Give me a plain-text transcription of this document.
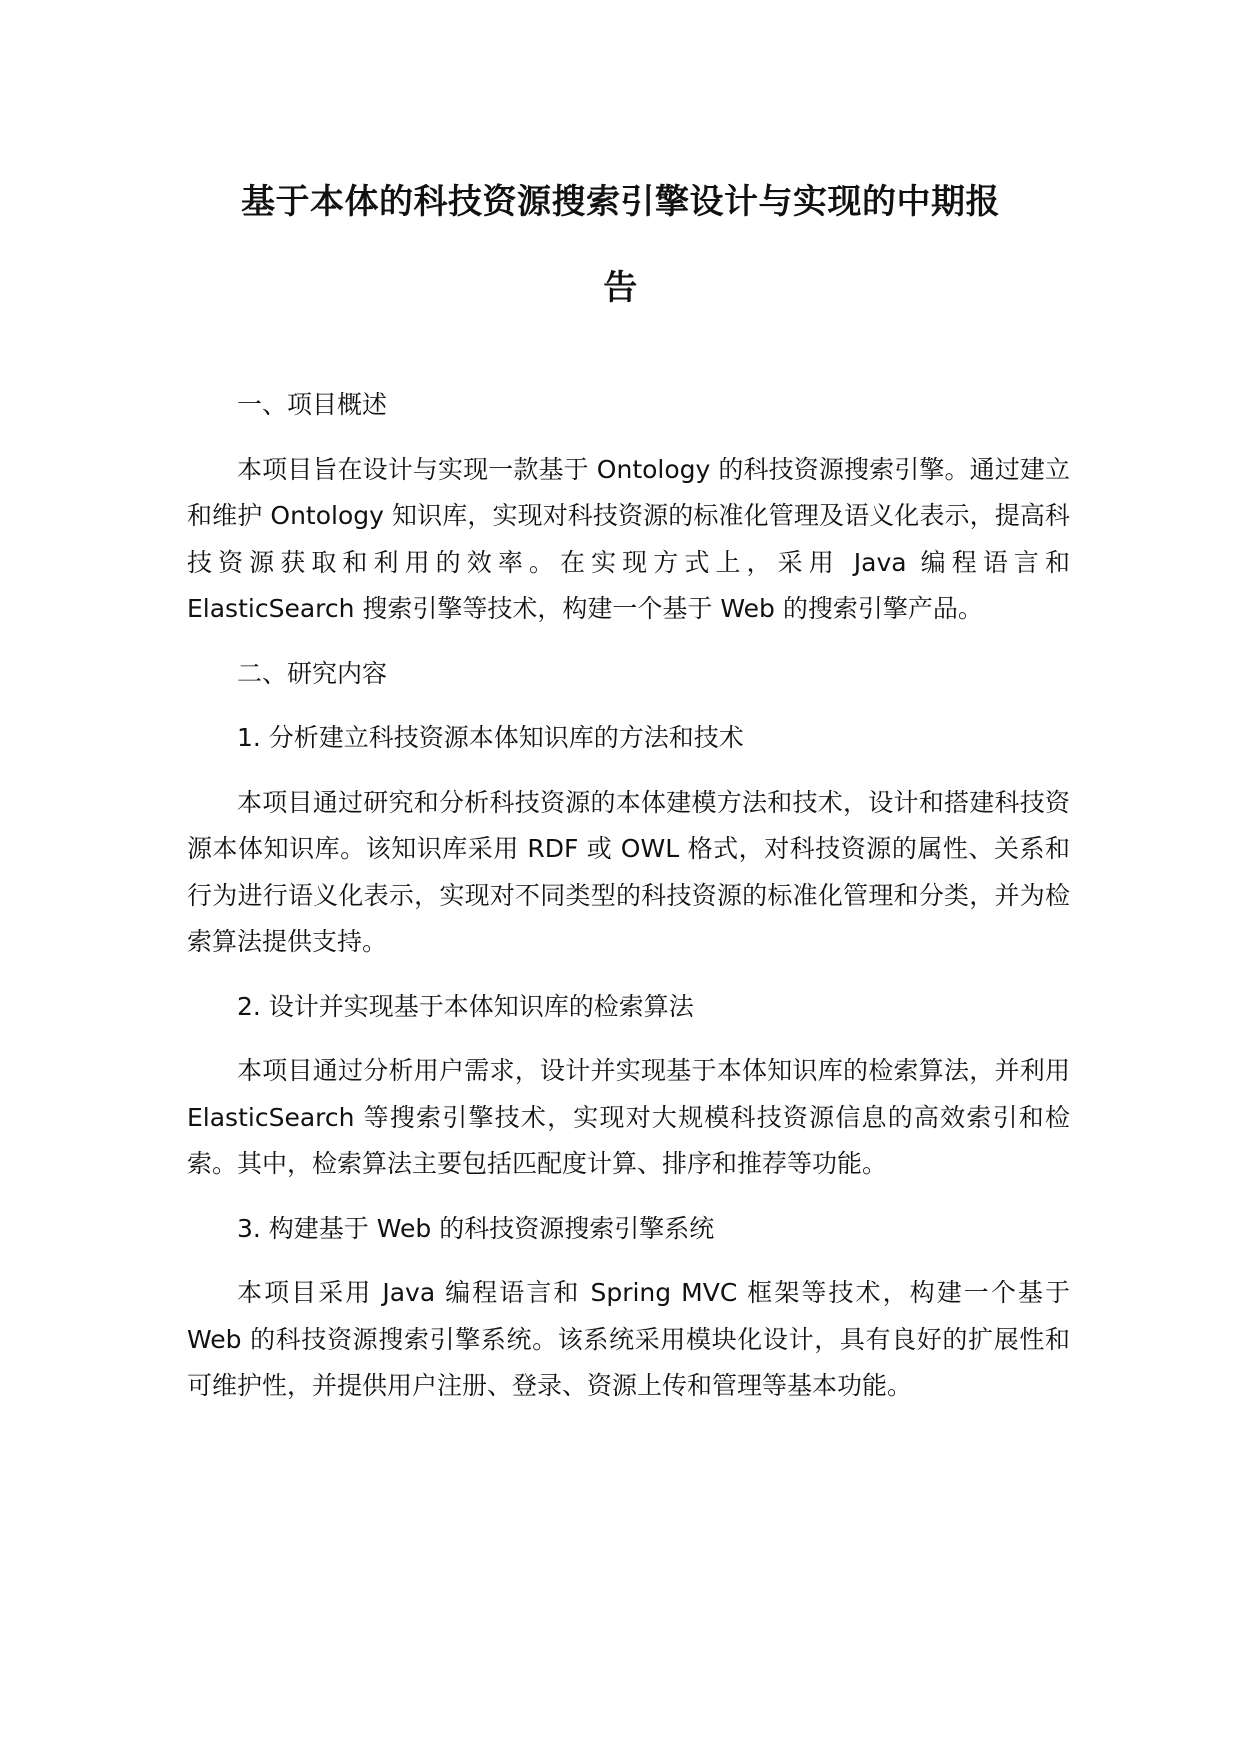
基于本体的科技资源搜索引擎设计与实现的中期报
告

一、项目概述

本项目旨在设计与实现一款基于 Ontology 的科技资源搜索引擎。通过建立和维护 Ontology 知识库，实现对科技资源的标准化管理及语义化表示，提高科技资源获取和利用的效率。在实现方式上，采用 Java 编程语言和 ElasticSearch 搜索引擎等技术，构建一个基于 Web 的搜索引擎产品。

二、研究内容

1. 分析建立科技资源本体知识库的方法和技术

本项目通过研究和分析科技资源的本体建模方法和技术，设计和搭建科技资源本体知识库。该知识库采用 RDF 或 OWL 格式，对科技资源的属性、关系和行为进行语义化表示，实现对不同类型的科技资源的标准化管理和分类，并为检索算法提供支持。

2. 设计并实现基于本体知识库的检索算法

本项目通过分析用户需求，设计并实现基于本体知识库的检索算法，并利用 ElasticSearch 等搜索引擎技术，实现对大规模科技资源信息的高效索引和检索。其中，检索算法主要包括匹配度计算、排序和推荐等功能。

3. 构建基于 Web 的科技资源搜索引擎系统

本项目采用 Java 编程语言和 Spring MVC 框架等技术，构建一个基于 Web 的科技资源搜索引擎系统。该系统采用模块化设计，具有良好的扩展性和可维护性，并提供用户注册、登录、资源上传和管理等基本功能。
